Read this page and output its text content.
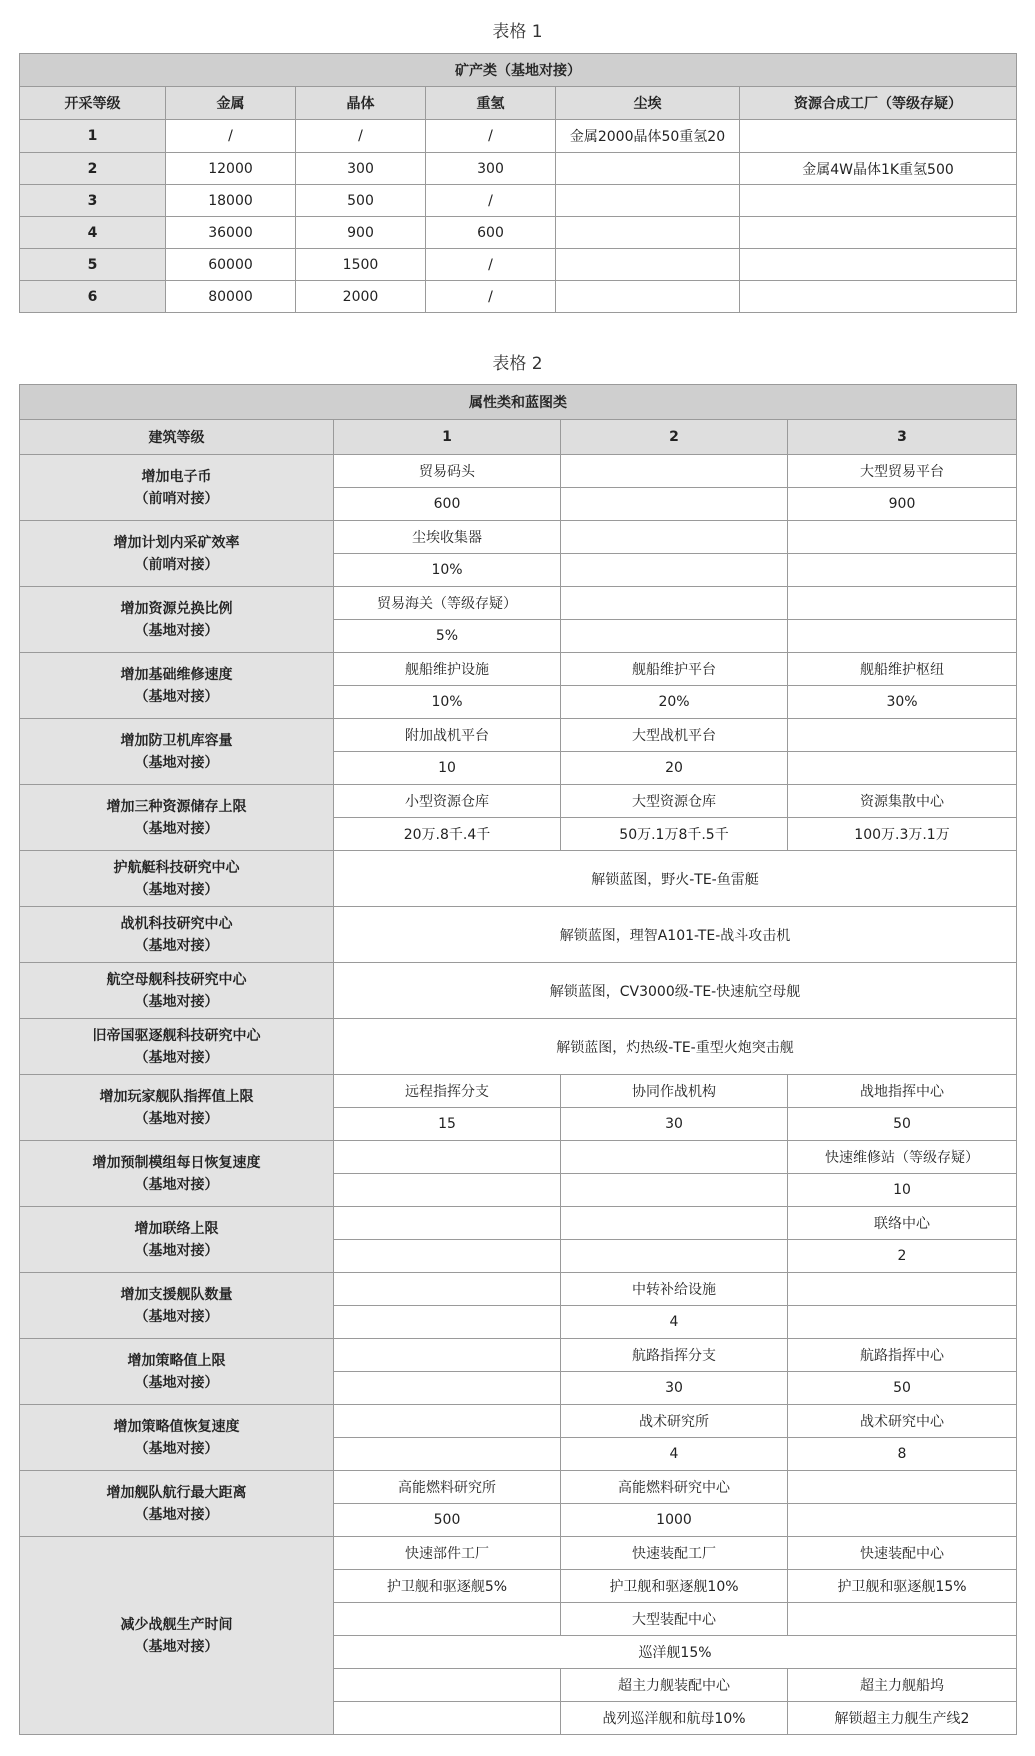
表格 1
矿产类（基地对接）					
开采等级	金属	晶体	重氢	尘埃	资源合成工厂（等级存疑）
1	/	/	/	金属2000晶体50重氢20	
2	12000	300	300		金属4W晶体1K重氢500
3	18000	500	/		
4	36000	900	600		
5	60000	1500	/		
6	80000	2000	/		
表格 2
属性类和蓝图类			
建筑等级	1	2	3

增加电子币
（前哨对接）	贸易码头		大型贸易平台
	600		900

增加计划内采矿效率
（前哨对接）	尘埃收集器		
	10%		

增加资源兑换比例
（基地对接）	贸易海关（等级存疑）		
	5%		

增加基础维修速度
（基地对接）	舰船维护设施	舰船维护平台	舰船维护枢纽
	10%	20%	30%

增加防卫机库容量
（基地对接）	附加战机平台	大型战机平台	
	10	20	

增加三种资源储存上限
（基地对接）	小型资源仓库	大型资源仓库	资源集散中心
	20万.8千.4千	50万.1万8千.5千	100万.3万.1万

护航艇科技研究中心
（基地对接）	解锁蓝图，野火-TE-鱼雷艇		

战机科技研究中心
（基地对接）	解锁蓝图，理智A101-TE-战斗攻击机		

航空母舰科技研究中心
（基地对接）	解锁蓝图，CV3000级-TE-快速航空母舰		

旧帝国驱逐舰科技研究中心
（基地对接）	解锁蓝图，灼热级-TE-重型火炮突击舰		

增加玩家舰队指挥值上限
（基地对接）	远程指挥分支	协同作战机构	战地指挥中心
	15	30	50

增加预制模组每日恢复速度
（基地对接）			快速维修站（等级存疑）
			10

增加联络上限
（基地对接）			联络中心
			2

增加支援舰队数量
（基地对接）		中转补给设施	
		4	

增加策略值上限
（基地对接）		航路指挥分支	航路指挥中心
		30	50

增加策略值恢复速度
（基地对接）		战术研究所	战术研究中心
		4	8

增加舰队航行最大距离
（基地对接）	高能燃料研究所	高能燃料研究中心	
	500	1000	

减少战舰生产时间
（基地对接）	快速部件工厂	快速装配工厂	快速装配中心
	护卫舰和驱逐舰5%	护卫舰和驱逐舰10%	护卫舰和驱逐舰15%
		大型装配中心	
	巡洋舰15%		
		超主力舰装配中心	超主力舰船坞
		战列巡洋舰和航母10%	解锁超主力舰生产线2
